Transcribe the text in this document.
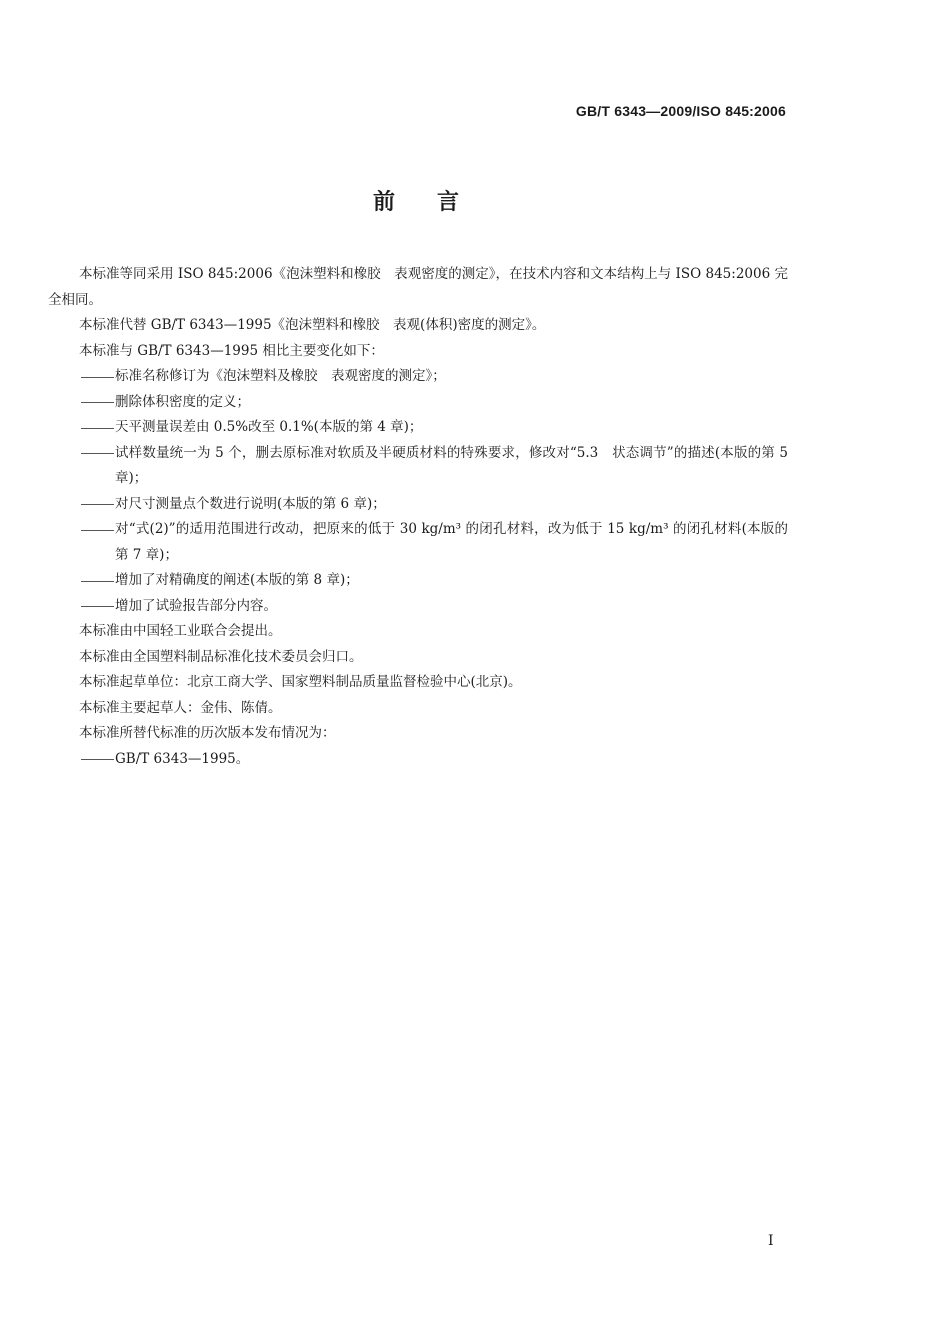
GB/T 6343—2009/ISO 845:2006
前言
本标准等同采用 ISO 845:2006《泡沫塑料和橡胶　表观密度的测定》，在技术内容和文本结构上与 ISO 845:2006 完全相同。
本标准代替 GB/T 6343—1995《泡沫塑料和橡胶　表观(体积)密度的测定》。
本标准与 GB/T 6343—1995 相比主要变化如下：
标准名称修订为《泡沫塑料及橡胶　表观密度的测定》；
删除体积密度的定义；
天平测量误差由 0.5%改至 0.1%(本版的第 4 章)；
试样数量统一为 5 个，删去原标准对软质及半硬质材料的特殊要求，修改对“5.3　状态调节”的描述(本版的第 5 章)；
对尺寸测量点个数进行说明(本版的第 6 章)；
对“式(2)”的适用范围进行改动，把原来的低于 30 kg/m³ 的闭孔材料，改为低于 15 kg/m³ 的闭孔材料(本版的第 7 章)；
增加了对精确度的阐述(本版的第 8 章)；
增加了试验报告部分内容。
本标准由中国轻工业联合会提出。
本标准由全国塑料制品标准化技术委员会归口。
本标准起草单位：北京工商大学、国家塑料制品质量监督检验中心(北京)。
本标准主要起草人：金伟、陈倩。
本标准所替代标准的历次版本发布情况为：
GB/T 6343—1995。
I
